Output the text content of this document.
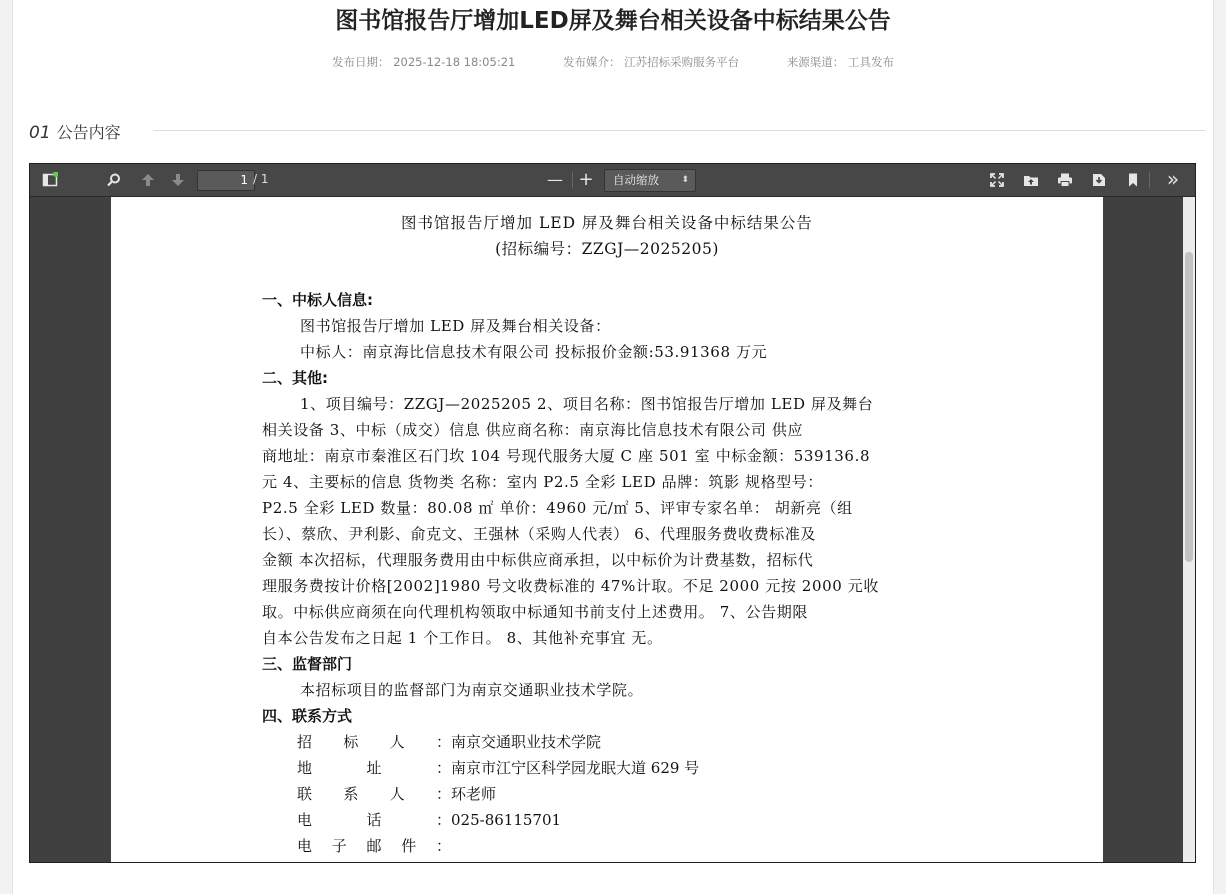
图书馆报告厅增加LED屏及舞台相关设备中标结果公告
发布日期： 2025-12-18 18:05:21	发布媒介： 江苏招标采购服务平台	来源渠道： 工具发布
01 公告内容
1 / 1	— +	自动缩放 ⬍	»
图书馆报告厅增加 LED 屏及舞台相关设备中标结果公告
(招标编号：ZZGJ—2025205)
一、中标人信息:
图书馆报告厅增加 LED 屏及舞台相关设备：
中标人：南京海比信息技术有限公司 投标报价金额:53.91368 万元
二、其他:
1、项目编号：ZZGJ—2025205 2、项目名称：图书馆报告厅增加 LED 屏及舞台
相关设备 3、中标（成交）信息 供应商名称：南京海比信息技术有限公司 供应
商地址：南京市秦淮区石门坎 104 号现代服务大厦 C 座 501 室 中标金额：539136.8
元 4、主要标的信息 货物类 名称：室内 P2.5 全彩 LED 品牌：筑影 规格型号：
P2.5 全彩 LED 数量：80.08 ㎡ 单价：4960 元/㎡ 5、评审专家名单： 胡新亮（组
长）、蔡欣、尹利影、俞克文、王强林（采购人代表） 6、代理服务费收费标准及
金额 本次招标，代理服务费用由中标供应商承担，以中标价为计费基数，招标代
理服务费按计价格[2002]1980 号文收费标准的 47%计取。不足 2000 元按 2000 元收
取。中标供应商须在向代理机构领取中标通知书前支付上述费用。 7、公告期限
自本公告发布之日起 1 个工作日。 8、其他补充事宜 无。
三、监督部门
本招标项目的监督部门为南京交通职业技术学院。
四、联系方式
招标人：南京交通职业技术学院
地址：南京市江宁区科学园龙眠大道 629 号
联系人：环老师
电话：025-86115701
电子邮件：
